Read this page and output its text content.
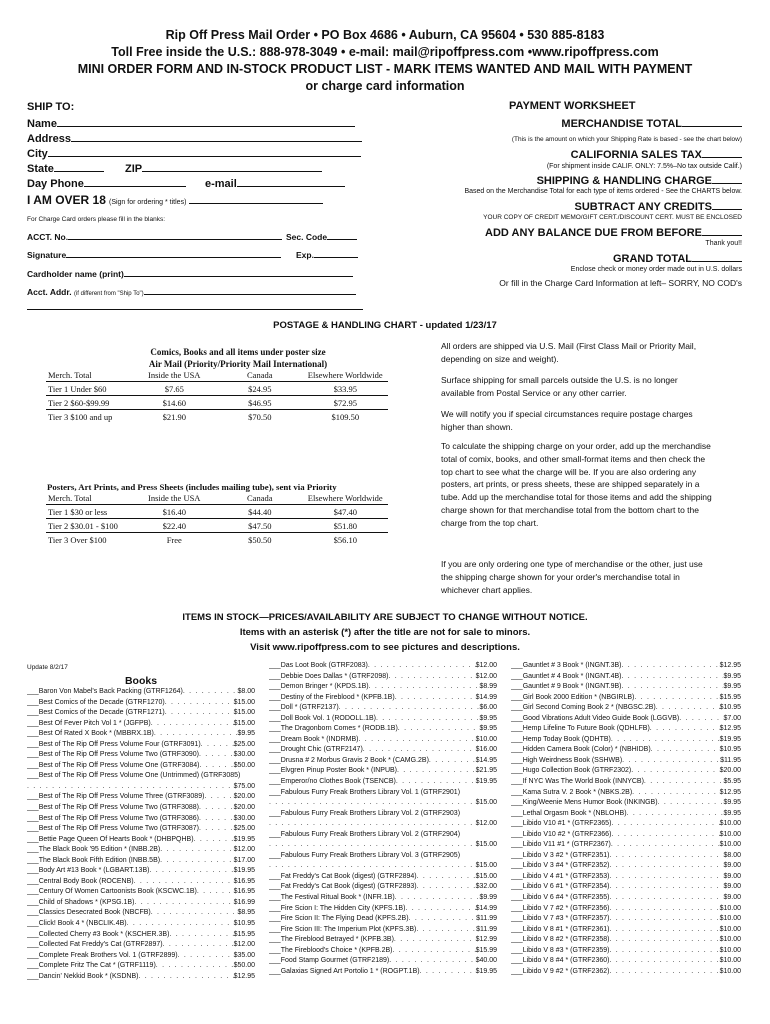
Rip Off Press Mail Order • PO Box 4686 • Auburn, CA 95604 • 530 885-8183
Toll Free inside the U.S.: 888-978-3049 • e-mail: mail@ripoffpress.com •www.ripoffpress.com
MINI ORDER FORM AND IN-STOCK PRODUCT LIST - MARK ITEMS WANTED AND MAIL WITH PAYMENT
or charge card information
SHIP TO:
Name
Address
City
State	ZIP
Day Phone	e-mail
I AM OVER 18 (Sign for ordering * titles)
For Charge Card orders please fill in the blanks:
ACCT. No.	Sec. Code
Signature	Exp.
Cardholder name (print)
Acct. Addr. (if different from "Ship To")
PAYMENT WORKSHEET
MERCHANDISE TOTAL
(This is the amount on which your Shipping Rate is based - see the chart below)
CALIFORNIA SALES TAX
(For shipment inside CALIF. ONLY: 7.5%–No tax outside Calif.)
SHIPPING & HANDLING CHARGE
Based on the Merchandise Total for each type of items ordered - See the CHARTS below.
SUBTRACT ANY CREDITS
YOUR COPY OF CREDIT MEMO/GIFT CERT./DISCOUNT CERT. MUST BE ENCLOSED
ADD ANY BALANCE DUE FROM BEFORE
Thank you!!
GRAND TOTAL
Enclose check or money order made out in U.S. dollars
Or fill in the Charge Card Information at left– SORRY, NO COD's
POSTAGE & HANDLING CHART - updated 1/23/17
Comics, Books and all items under poster size
Air Mail (Priority/Priority Mail International)
Merch. Total	Inside the USA	Canada	Elsewhere Worldwide
Tier 1 Under $60	$7.65	$24.95	$33.95
Tier 2 $60-$99.99	$14.60	$46.95	$72.95
Tier 3 $100 and up	$21.90	$70.50	$109.50
Posters, Art Prints, and Press Sheets (includes mailing tube), sent via Priority
Merch. Total	Inside the USA	Canada	Elsewhere Worldwide
Tier 1 $30 or less	$16.40	$44.40	$47.40
Tier 2 $30.01 - $100	$22.40	$47.50	$51.80
Tier 3 Over $100	Free	$50.50	$56.10
All orders are shipped via U.S. Mail (First Class Mail or Priority Mail, depending on size and weight).
Surface shipping for small parcels outside the U.S. is no longer available from Postal Service or any other carrier.
We will notify you if special circumstances require postage charges higher than shown.
To calculate the shipping charge on your order, add up the merchandise total of comix, books, and other small-format items and then check the top chart to see what the charge will be. If you are also ordering any posters, art prints, or press sheets, these are shipped separately in a tube. Add up the merchandise total for those items and add the shipping charge shown for that merchandise total from the bottom chart to the charge from the top chart.
If you are only ordering one type of merchandise or the other, just use the shipping charge shown for your order's merchandise total in whichever chart applies.
ITEMS IN STOCK—PRICES/AVAILABILITY ARE SUBJECT TO CHANGE WITHOUT NOTICE.
Items with an asterisk (*) after the title are not for sale to minors.
Visit www.ripoffpress.com to see pictures and descriptions.
Update 8/2/17
Books
___ Baron Von Mabel's Back Packing (GTRF1264) . . .	$8.00
___ Best Comics of the Decade (GTRF1270) . . .	$15.00
___ Best Comics of the Decade (GTRF1271) . . .	$15.00
___ Best Of Fever Pitch Vol 1 * (JGFPB) . . .	$15.00
___ Best Of Rated X Book * (MBBRX.1B) . . .	$9.95
___ Best of The Rip Off Press Volume Four (GTRF3091) . . .	$25.00
___ Best of The Rip Off Press Volume Two (GTRF3090) . . .	$30.00
___ Best of The Rip Off Press Volume One (GTRF3084) . . .	$50.00
___ Best of The Rip Off Press Volume One (Untrimmed) (GTRF3085)
. . .
$75.00
___ Best of The Rip Off Press Volume Three (GTRF3089) . . .	$20.00
___ Best of The Rip Off Press Volume Two (GTRF3088) . . .	$20.00
___ Best of The Rip Off Press Volume Two (GTRF3086) . . .	$30.00
___ Best of The Rip Off Press Volume Two (GTRF3087) . . .	$25.00
___ Bettie Page Queen Of Hearts Book * (DHBPQHB) . . .	$19.95
___ The Black Book '95 Edition * (INBB.2B) . . .	$12.00
___ The Black Book Fifth Edition (INBB.5B) . . .	$17.00
___ Body Art #13 Book * (LGBART.13B) . . .	$19.95
___ Central Body Book (ROCENB) . . .	$16.95
___ Century Of Women Cartoonists Book (KSCWC.1B) . . .	$16.95
___ Child of Shadows * (KPSG.1B) . . .	$16.99
___ Classics Desecrated Book (NBCFB) . . .	$8.95
___ Click! Book 4 * (NBCLIK.4B) . . .	$10.95
___ Collected Cherry #3 Book * (KSCHER.3B) . . .	$15.95
___ Collected Fat Freddy's Cat (GTRF2897) . . .	$12.00
___ Complete Freak Brothers Vol. 1 (GTRF2899) . . .	$35.00
___ Complete Fritz The Cat * (GTRF1119) . . .	$50.00
___ Dancin' Nekkid Book * (KSDNB) . . .	$12.95
___ Das Loot Book (GTRF2083) . . .	$12.00
___ Debbie Does Dallas * (GTRF2098) . . .	$12.00
___ Demon Bringer * (KPDS.1B) . . .	$8.99
___ Destiny of the Fireblood * (KPFB.1B) . . .	$14.99
___ Doll * (GTRF2137) . . .	$6.00
___ Doll Book Vol. 1 (RODOLL.1B) . . .	$9.95
___ The Dragonborn Comes * (RODB.1B) . . .	$9.95
___ Dream Book * (INDRMB) . . .	$10.00
___ Drought Chic (GTRF2147) . . .	$16.00
___ Drusna # 2 Morbus Gravis 2 Book * (CAMG.2B) . . .	$14.95
___ Elvgren Pinup Poster Book * (INPUB) . . .	$21.95
___ Emperor/no Clothes Book (TSENCB) . . .	$19.95
___ Fabulous Furry Freak Brothers Library Vol. 1 (GTRF2901)
. . .
$15.00
___ Fabulous Furry Freak Brothers Library Vol. 2 (GTRF2903)
. . .
$12.00
___ Fabulous Furry Freak Brothers Library Vol. 2 (GTRF2904)
. . .
$15.00
___ Fabulous Furry Freak Brothers Library Vol. 3 (GTRF2905)
. . .
$15.00
___ Fat Freddy's Cat Book (digest) (GTRF2894) . . .	$15.00
___ Fat Freddy's Cat Book (digest) (GTRF2893) . . .	$32.00
___ The Festival Ritual Book * (INFR.1B) . . .	$9.99
___ Fire Scion I: The Hidden City (KPFS.1B) . . .	$14.99
___ Fire Scion II: The Flying Dead (KPFS.2B) . . .	$11.99
___ Fire Scion III: The Imperium Plot (KPFS.3B) . . .	$11.99
___ The Fireblood Betrayed * (KPFB.3B) . . .	$12.99
___ The Fireblood's Choice * (KPFB.2B) . . .	$15.99
___ Food Stamp Gourmet (GTRF2189) . . .	$40.00
___ Galaxias Signed Art Portolio 1 * (ROGPT.1B) . . .	$19.95
___ Gauntlet # 3 Book * (INGNT.3B) . . .	$12.95
___ Gauntlet # 4 Book * (INGNT.4B) . . .	$9.95
___ Gauntlet # 9 Book * (INGNT.9B) . . .	$9.95
___ Girl Book 2000 Edition * (NBGIRLB) . . .	$15.95
___ Girl Second Coming Book 2 * (NBGSC.2B) . . .	$10.95
___ Good Vibrations Adult Video Guide Book (LGGVB) . . .	$7.00
___ Hemp Lifeline To Future Book (QDHLFB) . . .	$12.95
___ Hemp Today Book (QDHTB) . . .	$19.95
___ Hidden Camera Book (Color) * (NBHIDB) . . .	$10.95
___ High Weirdness Book (SSHWB) . . .	$11.95
___ Hugo Collection Book (GTRF2302) . . .	$20.00
___ If NYC Was The World Book (INNYCB) . . .	$5.95
___ Kama Sutra V. 2 Book * (NBKS.2B) . . .	$12.95
___ King/Weenie Mens Humor Book (INKINGB) . . .	$9.95
___ Lethal Orgasm Book * (NBLOHB) . . .	$9.95
___ Libido V10 #1 * (GTRF2365) . . .	$10.00
___ Libido V10 #2 * (GTRF2366) . . .	$10.00
___ Libido V11 #1 * (GTRF2367) . . .	$10.00
___ Libido V 3 #2 * (GTRF2351) . . .	$8.00
___ Libido V 3 #4 * (GTRF2352) . . .	$9.00
___ Libido V 4 #1 * (GTRF2353) . . .	$9.00
___ Libido V 6 #1 * (GTRF2354) . . .	$9.00
___ Libido V 6 #4 * (GTRF2355) . . .	$9.00
___ Libido V 7 #2 * (GTRF2356) . . .	$10.00
___ Libido V 7 #3 * (GTRF2357) . . .	$10.00
___ Libido V 8 #1 * (GTRF2361) . . .	$10.00
___ Libido V 8 #2 * (GTRF2358) . . .	$10.00
___ Libido V 8 #3 * (GTRF2359) . . .	$10.00
___ Libido V 8 #4 * (GTRF2360) . . .	$10.00
___ Libido V 9 #2 * (GTRF2362) . . .	$10.00
